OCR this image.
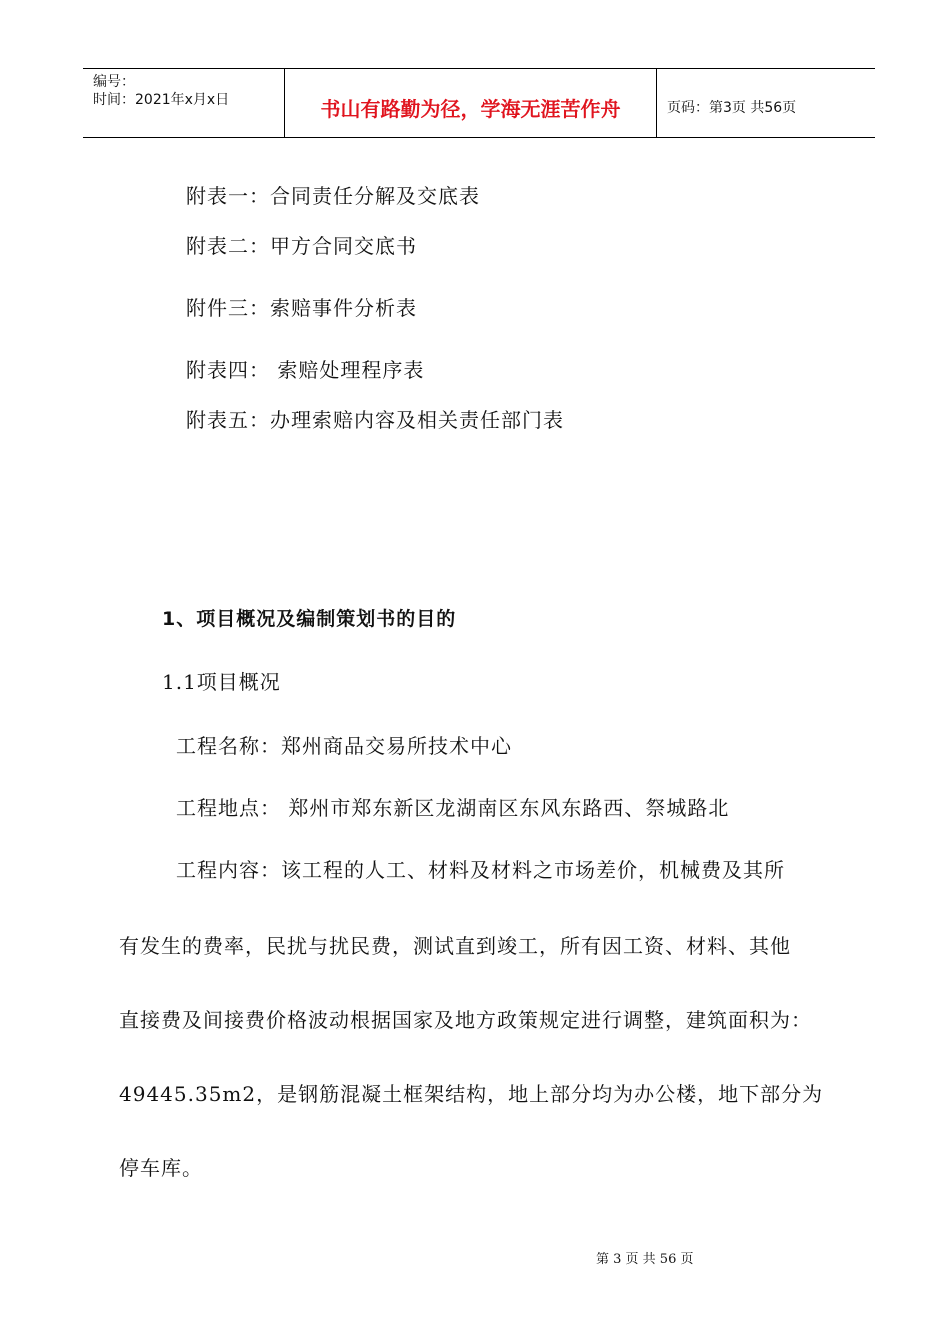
编号：
时间：2021年x月x日	书山有路勤为径，学海无涯苦作舟	页码：第3页 共56页
附表一：合同责任分解及交底表
附表二：甲方合同交底书
附件三：索赔事件分析表
附表四： 索赔处理程序表
附表五：办理索赔内容及相关责任部门表
1、项目概况及编制策划书的目的
1.1项目概况
工程名称：郑州商品交易所技术中心
工程地点： 郑州市郑东新区龙湖南区东风东路西、祭城路北
工程内容：该工程的人工、材料及材料之市场差价，机械费及其所
有发生的费率，民扰与扰民费，测试直到竣工，所有因工资、材料、其他
直接费及间接费价格波动根据国家及地方政策规定进行调整，建筑面积为：
49445.35m2，是钢筋混凝土框架结构，地上部分均为办公楼，地下部分为
停车库。
第 3 页 共 56 页
